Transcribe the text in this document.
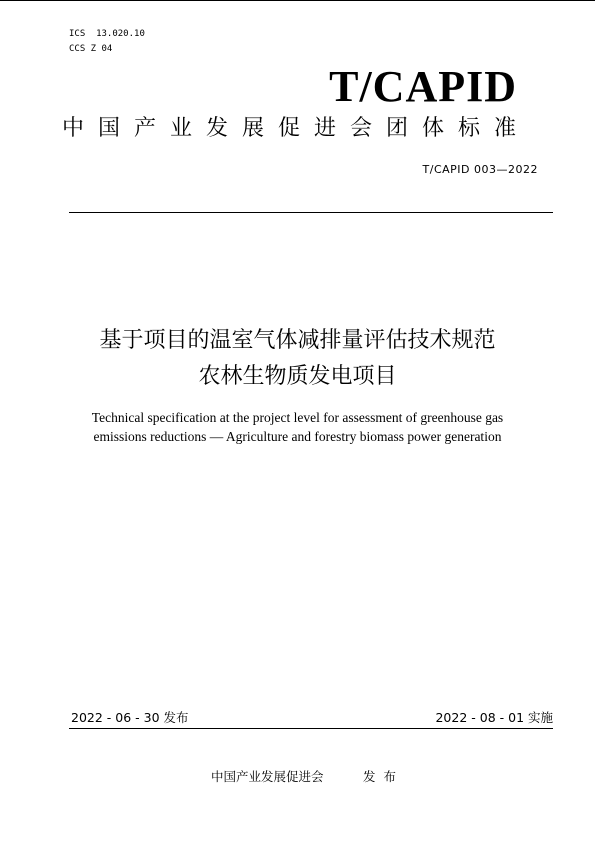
ICS  13.020.10
CCS Z 04
T/CAPID
中国产业发展促进会团体标准
T/CAPID 003—2022
基于项目的温室气体减排量评估技术规范
农林生物质发电项目
Technical specification at the project level for assessment of greenhouse gas
emissions reductions — Agriculture and forestry biomass power generation
2022 - 06 - 30 发布	2022 - 08 - 01 实施
中国产业发展促进会	发布
